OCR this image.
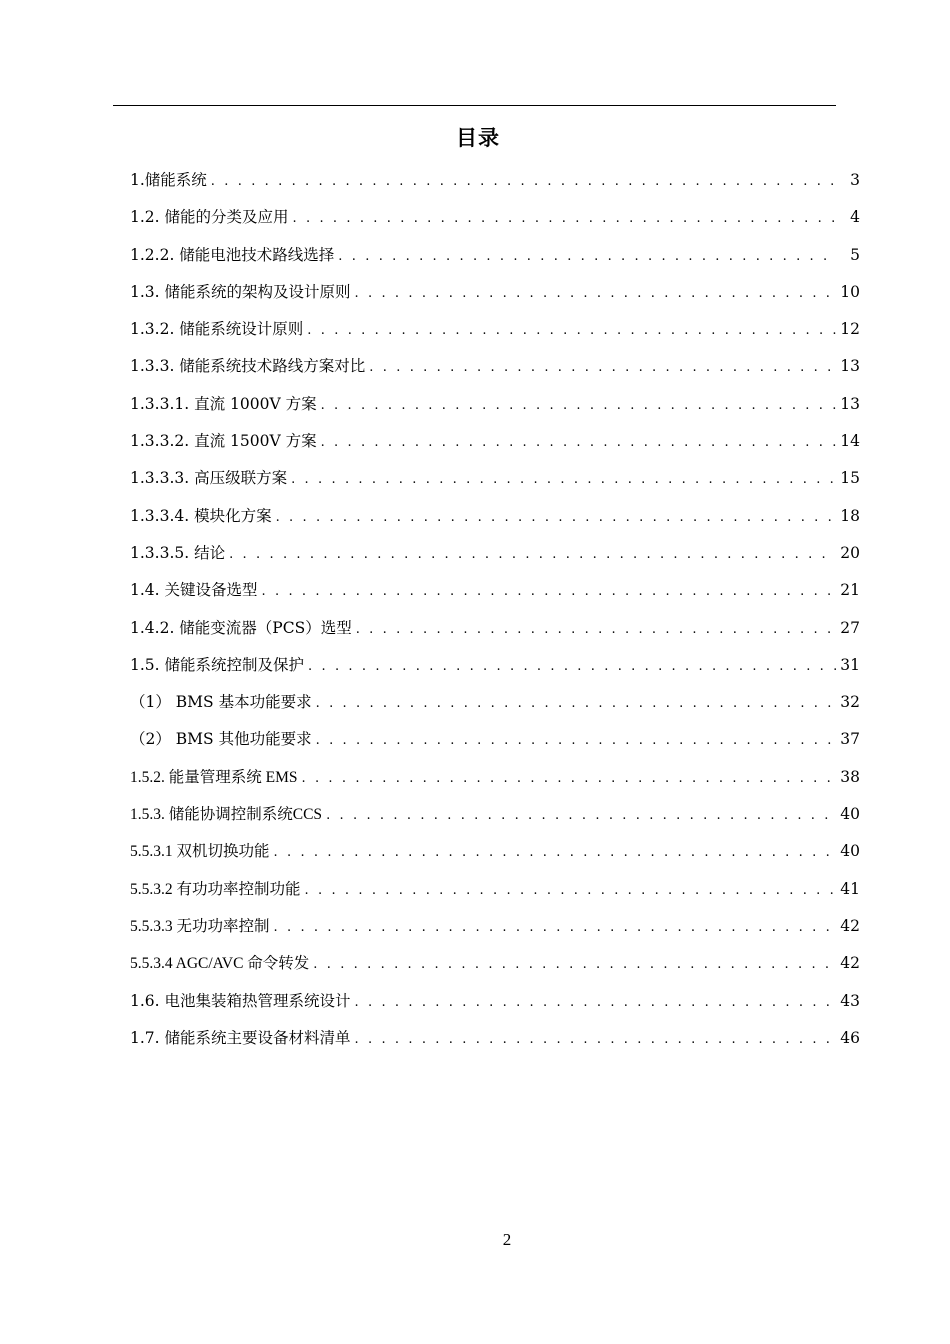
目录
1.储能系统 . . .	3
1.2. 储能的分类及应用 . . .	4
1.2.2. 储能电池技术路线选择 . . .	5
1.3. 储能系统的架构及设计原则 . . .	10
1.3.2. 储能系统设计原则 . . .	12
1.3.3. 储能系统技术路线方案对比 . . .	13
1.3.3.1. 直流 1000V 方案 . . .	13
1.3.3.2. 直流 1500V 方案 . . .	14
1.3.3.3. 高压级联方案 . . .	15
1.3.3.4. 模块化方案 . . .	18
1.3.3.5. 结论 . . .	20
1.4. 关键设备选型 . . .	21
1.4.2. 储能变流器（PCS）选型 . . .	27
1.5. 储能系统控制及保护 . . .	31
（1） BMS 基本功能要求 . . .	32
（2） BMS 其他功能要求 . . .	37
1.5.2. 能量管理系统 EMS . . .	38
1.5.3. 储能协调控制系统CCS . . .	40
5.5.3.1 双机切换功能 . . .	40
5.5.3.2 有功功率控制功能 . . .	41
5.5.3.3 无功功率控制 . . .	42
5.5.3.4 AGC/AVC 命令转发 . . .	42
1.6. 电池集装箱热管理系统设计 . . .	43
1.7. 储能系统主要设备材料清单 . . .	46
2
